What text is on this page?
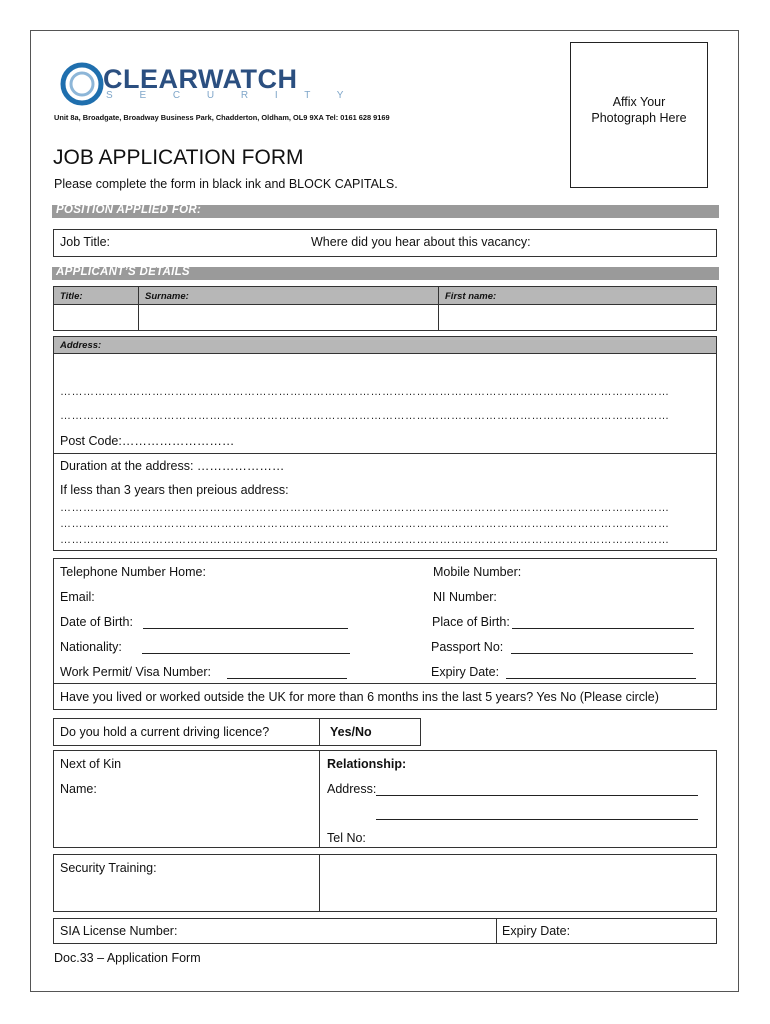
CLEARWATCH
S E C U R I T Y
Unit 8a, Broadgate, Broadway Business Park, Chadderton, Oldham, OL9 9XA Tel: 0161 628 9169
Affix Your
Photograph Here
JOB APPLICATION FORM
Please complete the form in black ink and BLOCK CAPITALS.
POSITION APPLIED FOR:
Job Title:	Where did you hear about this vacancy:
APPLICANT’S DETAILS
Title:	Surname:	First name:
Address:
……………………………………………………………………………………………………………………………………………
……………………………………………………………………………………………………………………………………………
Post Code:………………………
Duration at the address: …………………
If less than 3 years then preious address:
……………………………………………………………………………………………………………………………………………
……………………………………………………………………………………………………………………………………………
……………………………………………………………………………………………………………………………………………
Telephone Number Home:	Mobile Number:
Email:	NI Number:
Date of Birth:	Place of Birth:
Nationality:	Passport No:
Work Permit/ Visa Number:	Expiry Date:
Have you lived or worked outside the UK for more than 6 months ins the last 5 years? Yes No (Please circle)
Do you hold a current driving licence?	Yes/No
Next of Kin	Relationship:
Name:	Address:
Tel No:
Security Training:
SIA License Number:	Expiry Date:
Doc.33 – Application Form
